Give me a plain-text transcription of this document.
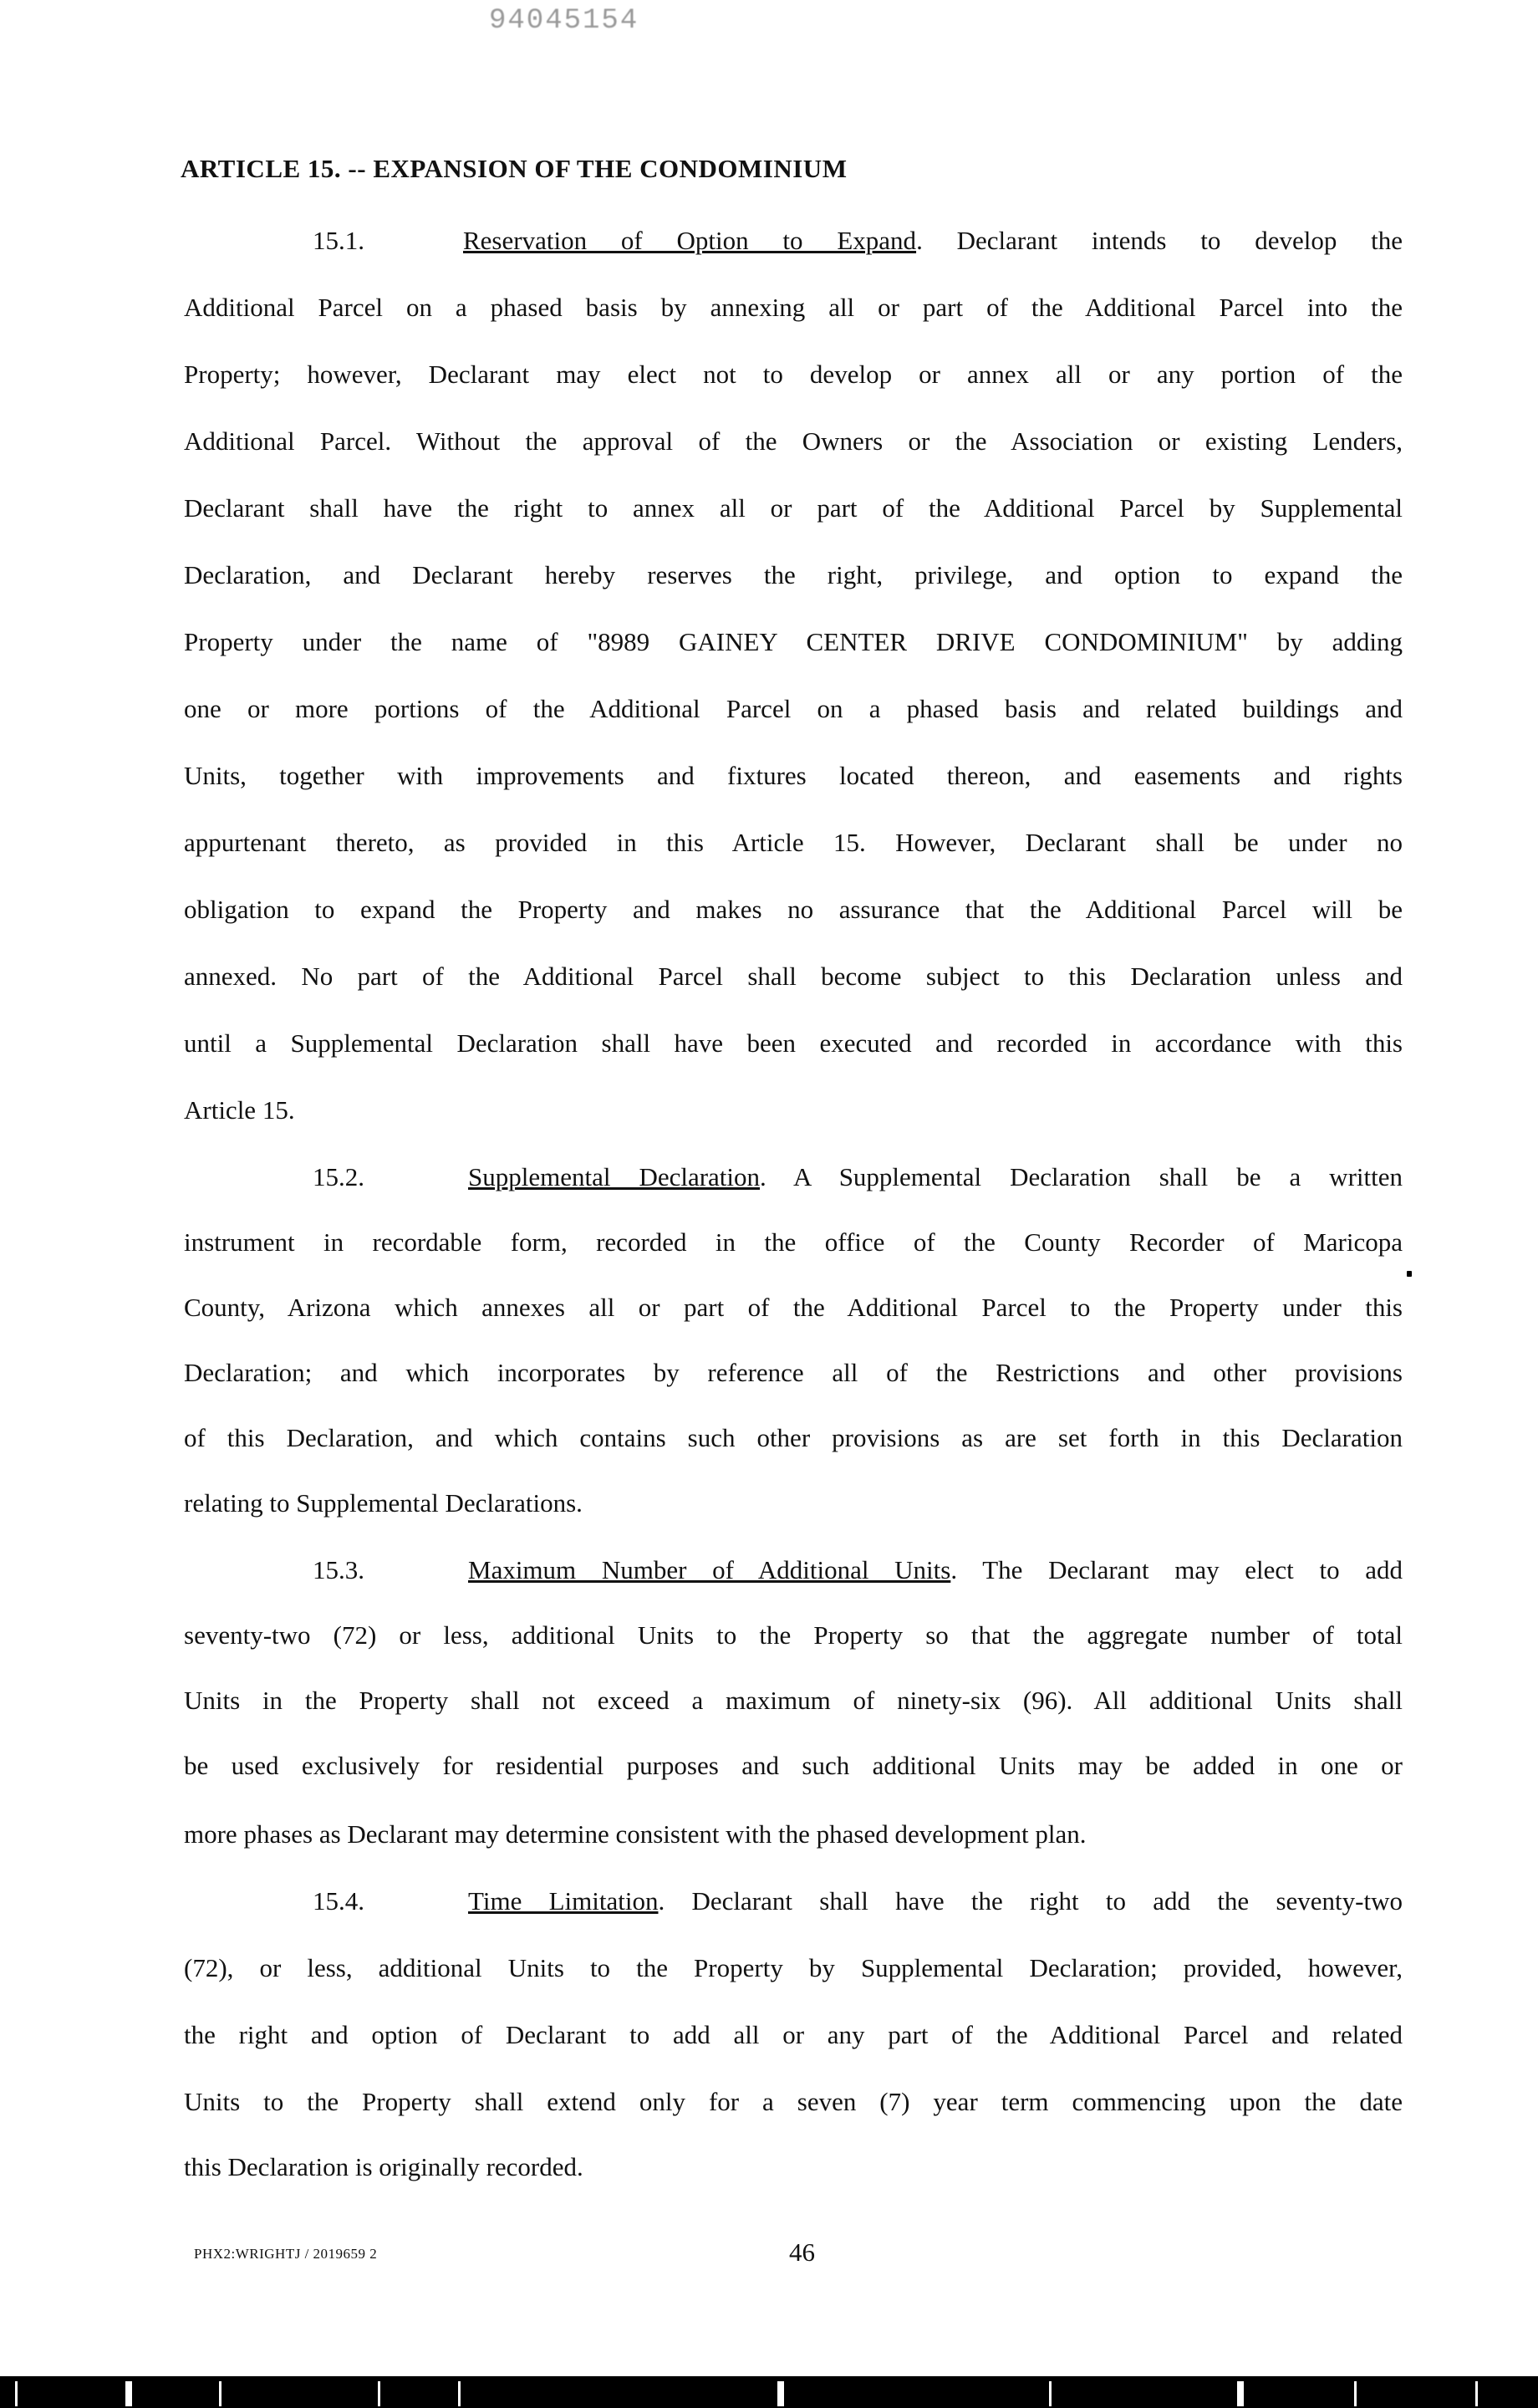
94045154
ARTICLE 15. -- EXPANSION OF THE CONDOMINIUM
15.1.	Reservation of Option to Expand. Declarant intends to develop the
Additional Parcel on a phased basis by annexing all or part of the Additional Parcel into the
Property; however, Declarant may elect not to develop or annex all or any portion of the
Additional Parcel. Without the approval of the Owners or the Association or existing Lenders,
Declarant shall have the right to annex all or part of the Additional Parcel by Supplemental
Declaration, and Declarant hereby reserves the right, privilege, and option to expand the
Property under the name of "8989 GAINEY CENTER DRIVE CONDOMINIUM" by adding
one or more portions of the Additional Parcel on a phased basis and related buildings and
Units, together with improvements and fixtures located thereon, and easements and rights
appurtenant thereto, as provided in this Article 15. However, Declarant shall be under no
obligation to expand the Property and makes no assurance that the Additional Parcel will be
annexed. No part of the Additional Parcel shall become subject to this Declaration unless and
until a Supplemental Declaration shall have been executed and recorded in accordance with this
Article 15.
15.2.	Supplemental Declaration. A Supplemental Declaration shall be a written
instrument in recordable form, recorded in the office of the County Recorder of Maricopa
County, Arizona which annexes all or part of the Additional Parcel to the Property under this
Declaration; and which incorporates by reference all of the Restrictions and other provisions
of this Declaration, and which contains such other provisions as are set forth in this Declaration
relating to Supplemental Declarations.
15.3.	Maximum Number of Additional Units. The Declarant may elect to add
seventy-two (72) or less, additional Units to the Property so that the aggregate number of total
Units in the Property shall not exceed a maximum of ninety-six (96). All additional Units shall
be used exclusively for residential purposes and such additional Units may be added in one or
more phases as Declarant may determine consistent with the phased development plan.
15.4.	Time Limitation. Declarant shall have the right to add the seventy-two
(72), or less, additional Units to the Property by Supplemental Declaration; provided, however,
the right and option of Declarant to add all or any part of the Additional Parcel and related
Units to the Property shall extend only for a seven (7) year term commencing upon the date
this Declaration is originally recorded.
PHX2:WRIGHTJ / 2019659 2	46
